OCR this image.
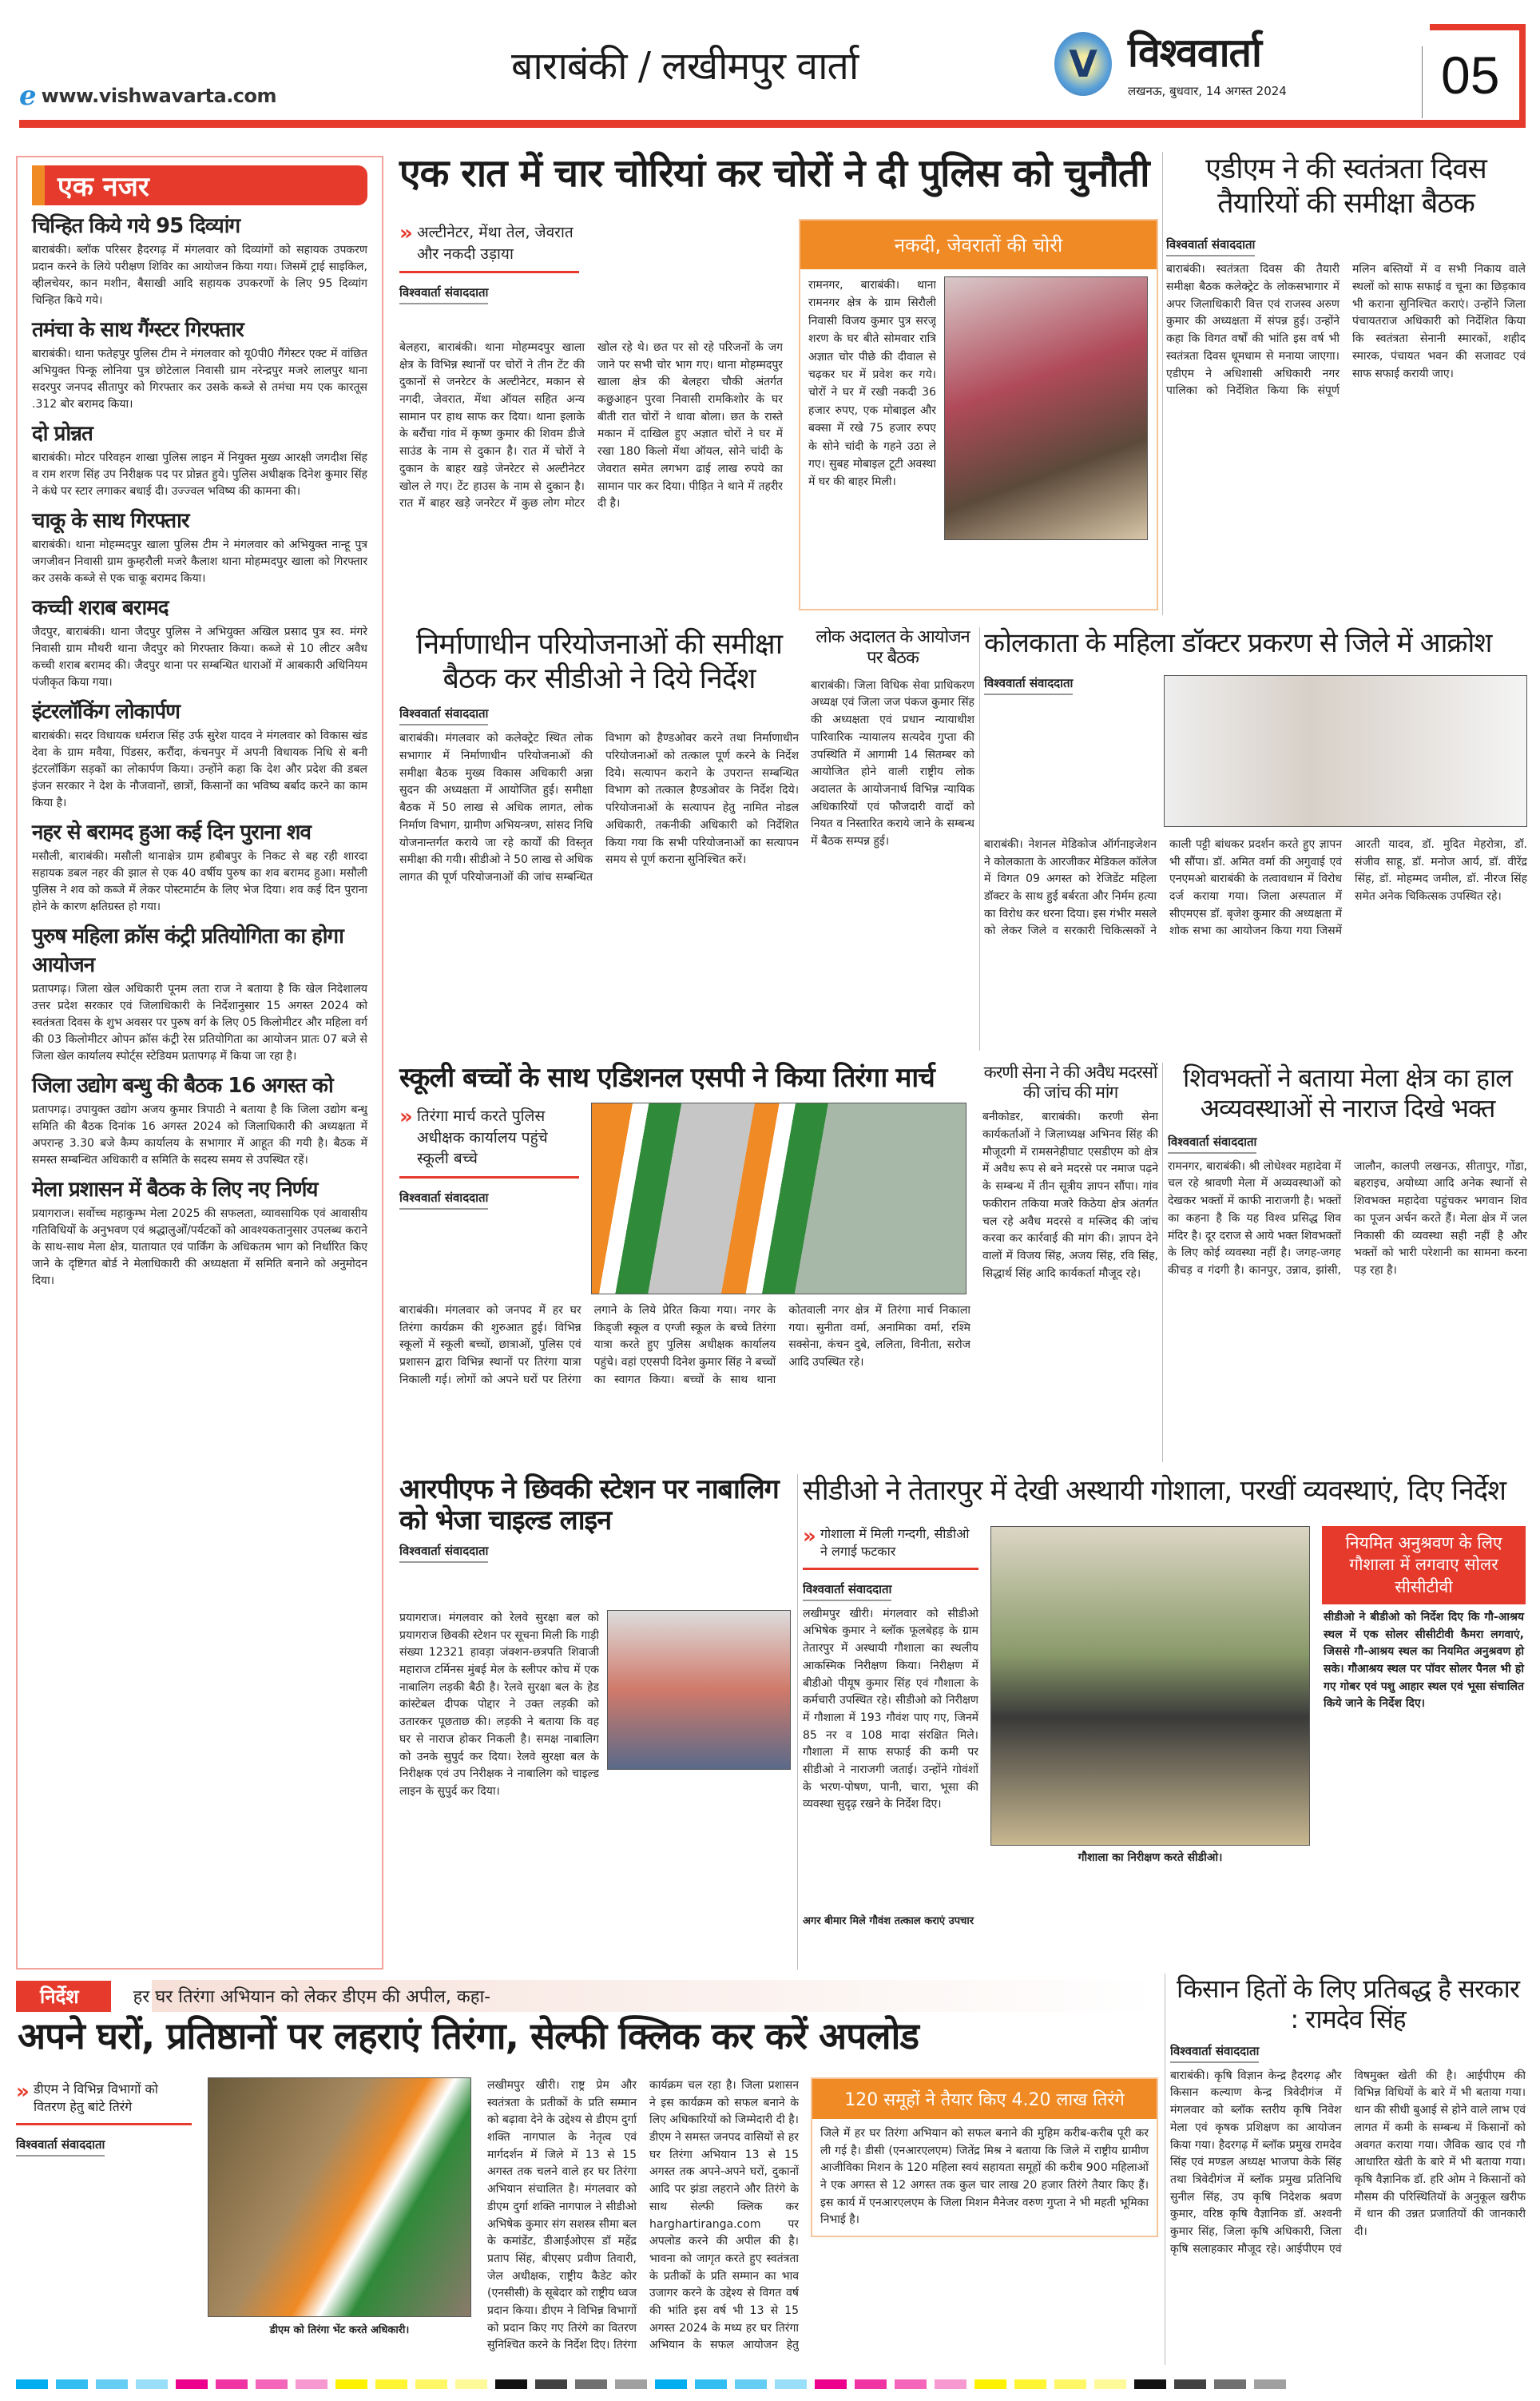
e www.vishwavarta.com
बाराबंकी / लखीमपुर वार्ता	V विश्ववार्ता
लखनऊ, बुधवार, 14 अगस्त 2024	05
एक नजर
चिन्हित किये गये 95 दिव्यांग
बाराबंकी। ब्लॉक परिसर हैदरगढ़ में मंगलवार को दिव्यांगों को सहायक उपकरण प्रदान करने के लिये परीक्षण शिविर का आयोजन किया गया। जिसमें ट्राई साइकिल, व्हीलचेयर, कान मशीन, बैसाखी आदि सहायक उपकरणों के लिए 95 दिव्यांग चिन्हित किये गये।
तमंचा के साथ गैंग्स्टर गिरफ्तार
बाराबंकी। थाना फतेहपुर पुलिस टीम ने मंगलवार को यू0पी0 गैंगेस्टर एक्ट में वांछित अभियुक्त पिन्कू लोनिया पुत्र छोटेलाल निवासी ग्राम नरेन्द्रपुर मजरे लालपुर थाना सदरपुर जनपद सीतापुर को गिरफ्तार कर उसके कब्जे से तमंचा मय एक कारतूस .312 बोर बरामद किया।
दो प्रोन्नत
बाराबंकी। मोटर परिवहन शाखा पुलिस लाइन में नियुक्त मुख्य आरक्षी जगदीश सिंह व राम शरण सिंह उप निरीक्षक पद पर प्रोन्नत हुये। पुलिस अधीक्षक दिनेश कुमार सिंह ने कंधे पर स्टार लगाकर बधाई दी। उज्ज्वल भविष्य की कामना की।
चाकू के साथ गिरफ्तार
बाराबंकी। थाना मोहम्मदपुर खाला पुलिस टीम ने मंगलवार को अभियुक्त नान्हू पुत्र जगजीवन निवासी ग्राम कुम्हरौली मजरे कैलाश थाना मोहम्मदपुर खाला को गिरफ्तार कर उसके कब्जे से एक चाकू बरामद किया।
कच्ची शराब बरामद
जैदपुर, बाराबंकी। थाना जैदपुर पुलिस ने अभियुक्त अखिल प्रसाद पुत्र स्व. मंगरे निवासी ग्राम मौथरी थाना जैदपुर को गिरफ्तार किया। कब्जे से 10 लीटर अवैध कच्ची शराब बरामद की। जैदपुर थाना पर सम्बन्धित धाराओं में आबकारी अधिनियम पंजीकृत किया गया।
इंटरलॉकिंग लोकार्पण
बाराबंकी। सदर विधायक धर्मराज सिंह उर्फ सुरेश यादव ने मंगलवार को विकास खंड देवा के ग्राम मवैया, पिंडसर, करौंदा, कंचनपुर में अपनी विधायक निधि से बनी इंटरलॉकिंग सड़कों का लोकार्पण किया। उन्होंने कहा कि देश और प्रदेश की डबल इंजन सरकार ने देश के नौजवानों, छात्रों, किसानों का भविष्य बर्बाद करने का काम किया है।
नहर से बरामद हुआ कई दिन पुराना शव
मसौली, बाराबंकी। मसौली थानाक्षेत्र ग्राम हबीबपुर के निकट से बह रही शारदा सहायक डबल नहर की झाल से एक 40 वर्षीय पुरुष का शव बरामद हुआ। मसौली पुलिस ने शव को कब्जे में लेकर पोस्टमार्टम के लिए भेज दिया। शव कई दिन पुराना होने के कारण क्षतिग्रस्त हो गया।
पुरुष महिला क्रॉस कंट्री प्रतियोगिता का होगा आयोजन
प्रतापगढ़। जिला खेल अधिकारी पूनम लता राज ने बताया है कि खेल निदेशालय उत्तर प्रदेश सरकार एवं जिलाधिकारी के निर्देशानुसार 15 अगस्त 2024 को स्वतंत्रता दिवस के शुभ अवसर पर पुरुष वर्ग के लिए 05 किलोमीटर और महिला वर्ग की 03 किलोमीटर ओपन क्रॉस कंट्री रेस प्रतियोगिता का आयोजन प्रातः 07 बजे से जिला खेल कार्यालय स्पोर्ट्स स्टेडियम प्रतापगढ़ में किया जा रहा है।
जिला उद्योग बन्धु की बैठक 16 अगस्त को
प्रतापगढ़। उपायुक्त उद्योग अजय कुमार त्रिपाठी ने बताया है कि जिला उद्योग बन्धु समिति की बैठक दिनांक 16 अगस्त 2024 को जिलाधिकारी की अध्यक्षता में अपरान्ह 3.30 बजे कैम्प कार्यालय के सभागार में आहूत की गयी है। बैठक में समस्त सम्बन्धित अधिकारी व समिति के सदस्य समय से उपस्थित रहें।
मेला प्रशासन में बैठक के लिए नए निर्णय
प्रयागराज। सर्वोच्च महाकुम्भ मेला 2025 की सफलता, व्यावसायिक एवं आवासीय गतिविधियों के अनुभवण एवं श्रद्धालुओं/पर्यटकों को आवश्यकतानुसार उपलब्ध कराने के साथ-साथ मेला क्षेत्र, यातायात एवं पार्किंग के अधिकतम भाग को निर्धारित किए जाने के दृष्टिगत बोर्ड ने मेलाधिकारी की अध्यक्षता में समिति बनाने को अनुमोदन दिया।
एक रात में चार चोरियां कर चोरों ने दी पुलिस को चुनौती
» अल्टीनेटर, मेंथा तेल, जेवरात और नकदी उड़ाया
विश्ववार्ता संवाददाता
बेलहरा, बाराबंकी। थाना मोहम्मदपुर खाला क्षेत्र के विभिन्न स्थानों पर चोरों ने तीन टेंट की दुकानों से जनरेटर के अल्टीनेटर, मकान से नगदी, जेवरात, मेंथा ऑयल सहित अन्य सामान पर हाथ साफ कर दिया। थाना इलाके के बरौंचा गांव में कृष्ण कुमार की शिवम डीजे साउंड के नाम से दुकान है। रात में चोरों ने दुकान के बाहर खड़े जेनरेटर से अल्टीनेटर खोल ले गए। टेंट हाउस के नाम से दुकान है। रात में बाहर खड़े जनरेटर में कुछ लोग मोटर खोल रहे थे। छत पर सो रहे परिजनों के जग जाने पर सभी चोर भाग गए। थाना मोहम्मदपुर खाला क्षेत्र की बेलहरा चौकी अंतर्गत कछुआहन पुरवा निवासी रामकिशोर के घर बीती रात चोरों ने धावा बोला। छत के रास्ते मकान में दाखिल हुए अज्ञात चोरों ने घर में रखा 180 किलो मेंथा ऑयल, सोने चांदी के जेवरात समेत लगभग ढाई लाख रुपये का सामान पार कर दिया। पीड़ित ने थाने में तहरीर दी है।
नकदी, जेवरातों की चोरी
रामनगर, बाराबंकी। थाना रामनगर क्षेत्र के ग्राम सिरौली निवासी विजय कुमार पुत्र सरजू शरण के घर बीते सोमवार रात्रि अज्ञात चोर पीछे की दीवाल से चढ़कर घर में प्रवेश कर गये। चोरों ने घर में रखी नकदी 36 हजार रुपए, एक मोबाइल और बक्सा में रखे 75 हजार रुपए के सोने चांदी के गहने उठा ले गए। सुबह मोबाइल टूटी अवस्था में घर की बाहर मिली।
एडीएम ने की स्वतंत्रता दिवस तैयारियों की समीक्षा बैठक
विश्ववार्ता संवाददाता
बाराबंकी। स्वतंत्रता दिवस की तैयारी समीक्षा बैठक कलेक्ट्रेट के लोकसभागार में अपर जिलाधिकारी वित्त एवं राजस्व अरुण कुमार की अध्यक्षता में संपन्न हुई। उन्होंने कहा कि विगत वर्षों की भांति इस वर्ष भी स्वतंत्रता दिवस धूमधाम से मनाया जाएगा। एडीएम ने अधिशासी अधिकारी नगर पालिका को निर्देशित किया कि संपूर्ण मलिन बस्तियों में व सभी निकाय वाले स्थलों को साफ सफाई व चूना का छिड़काव भी कराना सुनिश्चित कराएं। उन्होंने जिला पंचायतराज अधिकारी को निर्देशित किया कि स्वतंत्रता सेनानी स्मारकों, शहीद स्मारक, पंचायत भवन की सजावट एवं साफ सफाई करायी जाए।
निर्माणाधीन परियोजनाओं की समीक्षा बैठक कर सीडीओ ने दिये निर्देश
विश्ववार्ता संवाददाता
बाराबंकी। मंगलवार को कलेक्ट्रेट स्थित लोक सभागार में निर्माणाधीन परियोजनाओं की समीक्षा बैठक मुख्य विकास अधिकारी अन्ना सुदन की अध्यक्षता में आयोजित हुई। समीक्षा बैठक में 50 लाख से अधिक लागत, लोक निर्माण विभाग, ग्रामीण अभियन्त्रण, सांसद निधि योजनान्तर्गत कराये जा रहे कार्यों की विस्तृत समीक्षा की गयी। सीडीओ ने 50 लाख से अधिक लागत की पूर्ण परियोजनाओं की जांच सम्बन्धित विभाग को हैण्डओवर करने तथा निर्माणाधीन परियोजनाओं को तत्काल पूर्ण करने के निर्देश दिये। सत्यापन कराने के उपरान्त सम्बन्धित विभाग को तत्काल हैण्डओवर के निर्देश दिये। परियोजनाओं के सत्यापन हेतु नामित नोडल अधिकारी, तकनीकी अधिकारी को निर्देशित किया गया कि सभी परियोजनाओं का सत्यापन समय से पूर्ण कराना सुनिश्चित करें।
लोक अदालत के आयोजन पर बैठक
बाराबंकी। जिला विधिक सेवा प्राधिकरण अध्यक्ष एवं जिला जज पंकज कुमार सिंह की अध्यक्षता एवं प्रधान न्यायाधीश पारिवारिक न्यायालय सत्यदेव गुप्ता की उपस्थिति में आगामी 14 सितम्बर को आयोजित होने वाली राष्ट्रीय लोक अदालत के आयोजनार्थ विभिन्न न्यायिक अधिकारियों एवं फौजदारी वादों को नियत व निस्तारित कराये जाने के सम्बन्ध में बैठक सम्पन्न हुई।
कोलकाता के महिला डॉक्टर प्रकरण से जिले में आक्रोश
विश्ववार्ता संवाददाता
बाराबंकी। नेशनल मेडिकोज ऑर्गनाइजेशन ने कोलकाता के आरजीकर मेडिकल कॉलेज में विगत 09 अगस्त को रेजिडेंट महिला डॉक्टर के साथ हुई बर्बरता और निर्मम हत्या का विरोध कर धरना दिया। इस गंभीर मसले को लेकर जिले व सरकारी चिकित्सकों ने काली पट्टी बांधकर प्रदर्शन करते हुए ज्ञापन भी सौंपा। डॉ. अमित वर्मा की अगुवाई एवं एनएमओ बाराबंकी के तत्वावधान में विरोध दर्ज कराया गया। जिला अस्पताल में सीएमएस डॉ. बृजेश कुमार की अध्यक्षता में शोक सभा का आयोजन किया गया जिसमें आरती यादव, डॉ. मुदित मेहरोत्रा, डॉ. संजीव साहू, डॉ. मनोज आर्य, डॉ. वीरेंद्र सिंह, डॉ. मोहम्मद जमील, डॉ. नीरज सिंह समेत अनेक चिकित्सक उपस्थित रहे।
स्कूली बच्चों के साथ एडिशनल एसपी ने किया तिरंगा मार्च
» तिरंगा मार्च करते पुलिस अधीक्षक कार्यालय पहुंचे स्कूली बच्चे
विश्ववार्ता संवाददाता
बाराबंकी। मंगलवार को जनपद में हर घर तिरंगा कार्यक्रम की शुरुआत हुई। विभिन्न स्कूलों में स्कूली बच्चों, छात्राओं, पुलिस एवं प्रशासन द्वारा विभिन्न स्थानों पर तिरंगा यात्रा निकाली गई। लोगों को अपने घरों पर तिरंगा लगाने के लिये प्रेरित किया गया। नगर के किड्जी स्कूल व एग्जी स्कूल के बच्चे तिरंगा यात्रा करते हुए पुलिस अधीक्षक कार्यालय पहुंचे। वहां एएसपी दिनेश कुमार सिंह ने बच्चों का स्वागत किया। बच्चों के साथ थाना कोतवाली नगर क्षेत्र में तिरंगा मार्च निकाला गया। सुनीता वर्मा, अनामिका वर्मा, रश्मि सक्सेना, कंचन दुबे, ललिता, विनीता, सरोज आदि उपस्थित रहे।
करणी सेना ने की अवैध मदरसों की जांच की मांग
बनीकोडर, बाराबंकी। करणी सेना कार्यकर्ताओं ने जिलाध्यक्ष अभिनव सिंह की मौजूदगी में रामसनेहीघाट एसडीएम को क्षेत्र में अवैध रूप से बने मदरसे पर नमाज पढ़ने के सम्बन्ध में तीन सूत्रीय ज्ञापन सौंपा। गांव फकीरान तकिया मजरे किठेया क्षेत्र अंतर्गत चल रहे अवैध मदरसे व मस्जिद की जांच करवा कर कार्रवाई की मांग की। ज्ञापन देने वालों में विजय सिंह, अजय सिंह, रवि सिंह, सिद्धार्थ सिंह आदि कार्यकर्ता मौजूद रहे।
शिवभक्तों ने बताया मेला क्षेत्र का हाल अव्यवस्थाओं से नाराज दिखे भक्त
विश्ववार्ता संवाददाता
रामनगर, बाराबंकी। श्री लोधेश्वर महादेवा में चल रहे श्रावणी मेला में अव्यवस्थाओं को देखकर भक्तों में काफी नाराजगी है। भक्तों का कहना है कि यह विश्व प्रसिद्ध शिव मंदिर है। दूर दराज से आये भक्त शिवभक्तों के लिए कोई व्यवस्था नहीं है। जगह-जगह कीचड़ व गंदगी है। कानपुर, उन्नाव, झांसी, जालौन, कालपी लखनऊ, सीतापुर, गोंडा, बहराइच, अयोध्या आदि अनेक स्थानों से शिवभक्त महादेवा पहुंचकर भगवान शिव का पूजन अर्चन करते हैं। मेला क्षेत्र में जल निकासी की व्यवस्था सही नहीं है और भक्तों को भारी परेशानी का सामना करना पड़ रहा है।
आरपीएफ ने छिवकी स्टेशन पर नाबालिग को भेजा चाइल्ड लाइन
विश्ववार्ता संवाददाता
प्रयागराज। मंगलवार को रेलवे सुरक्षा बल को प्रयागराज छिवकी स्टेशन पर सूचना मिली कि गाड़ी संख्या 12321 हावड़ा जंक्शन-छत्रपति शिवाजी महाराज टर्मिनस मुंबई मेल के स्लीपर कोच में एक नाबालिग लड़की बैठी है। रेलवे सुरक्षा बल के हेड कांस्टेबल दीपक पोद्दार ने उक्त लड़की को उतारकर पूछताछ की। लड़की ने बताया कि वह घर से नाराज होकर निकली है। समक्ष नाबालिग को उनके सुपुर्द कर दिया। रेलवे सुरक्षा बल के निरीक्षक एवं उप निरीक्षक ने नाबालिग को चाइल्ड लाइन के सुपुर्द कर दिया।
सीडीओ ने तेतारपुर में देखी अस्थायी गोशाला, परखीं व्यवस्थाएं, दिए निर्देश
» गोशाला में मिली गन्दगी, सीडीओ ने लगाई फटकार
विश्ववार्ता संवाददाता
लखीमपुर खीरी। मंगलवार को सीडीओ अभिषेक कुमार ने ब्लॉक फूलबेहड़ के ग्राम तेतारपुर में अस्थायी गौशाला का स्थलीय आकस्मिक निरीक्षण किया। निरीक्षण में बीडीओ पीयूष कुमार सिंह एवं गौशाला के कर्मचारी उपस्थित रहे। सीडीओ को निरीक्षण में गौशाला में 193 गौवंश पाए गए, जिनमें 85 नर व 108 मादा संरक्षित मिले। गौशाला में साफ सफाई की कमी पर सीडीओ ने नाराजगी जताई। उन्होंने गोवंशों के भरण-पोषण, पानी, चारा, भूसा की व्यवस्था सुदृढ़ रखने के निर्देश दिए।
अगर बीमार मिले गौवंश तत्काल कराएं उपचार
गौशाला का निरीक्षण करते सीडीओ।
नियमित अनुश्रवण के लिए गौशाला में लगवाए सोलर सीसीटीवी
सीडीओ ने बीडीओ को निर्देश दिए कि गौ-आश्रय स्थल में एक सोलर सीसीटीवी कैमरा लगवाएं, जिससे गौ-आश्रय स्थल का नियमित अनुश्रवण हो सके। गौआश्रय स्थल पर पॉवर सोलर पैनल भी हो गए गोबर एवं पशु आहार स्थल एवं भूसा संचालित किये जाने के निर्देश दिए।
निर्देश	हर घर तिरंगा अभियान को लेकर डीएम की अपील, कहा-
अपने घरों, प्रतिष्ठानों पर लहराएं तिरंगा, सेल्फी क्लिक कर करें अपलोड
» डीएम ने विभिन्न विभागों को वितरण हेतु बांटे तिरंगे
विश्ववार्ता संवाददाता
डीएम को तिरंगा भेंट करते अधिकारी।
लखीमपुर खीरी। राष्ट्र प्रेम और स्वतंत्रता के प्रतीकों के प्रति सम्मान को बढ़ावा देने के उद्देश्य से डीएम दुर्गा शक्ति नागपाल के नेतृत्व एवं मार्गदर्शन में जिले में 13 से 15 अगस्त तक चलने वाले हर घर तिरंगा अभियान संचालित है। मंगलवार को डीएम दुर्गा शक्ति नागपाल ने सीडीओ अभिषेक कुमार संग सशस्त्र सीमा बल के कमांडेंट, डीआईओएस डॉ महेंद्र प्रताप सिंह, बीएसए प्रवीण तिवारी, जेल अधीक्षक, राष्ट्रीय कैडेट कोर (एनसीसी) के सूबेदार को राष्ट्रीय ध्वज प्रदान किया। डीएम ने विभिन्न विभागों को प्रदान किए गए तिरंगे का वितरण सुनिश्चित करने के निर्देश दिए। तिरंगा कार्यक्रम चल रहा है। जिला प्रशासन ने इस कार्यक्रम को सफल बनाने के लिए अधिकारियों को जिम्मेदारी दी है। डीएम ने समस्त जनपद वासियों से हर घर तिरंगा अभियान 13 से 15 अगस्त तक अपने-अपने घरों, दुकानों आदि पर झंडा लहराने और तिरंगे के साथ सेल्फी क्लिक कर harghartiranga.com पर अपलोड करने की अपील की है। भावना को जागृत करते हुए स्वतंत्रता के प्रतीकों के प्रति सम्मान का भाव उजागर करने के उद्देश्य से विगत वर्ष की भांति इस वर्ष भी 13 से 15 अगस्त 2024 के मध्य हर घर तिरंगा अभियान के सफल आयोजन हेतु
120 समूहों ने तैयार किए 4.20 लाख तिरंगे
जिले में हर घर तिरंगा अभियान को सफल बनाने की मुहिम करीब-करीब पूरी कर ली गई है। डीसी (एनआरएलएम) जितेंद्र मिश्र ने बताया कि जिले में राष्ट्रीय ग्रामीण आजीविका मिशन के 120 महिला स्वयं सहायता समूहों की करीब 900 महिलाओं ने एक अगस्त से 12 अगस्त तक कुल चार लाख 20 हजार तिरंगे तैयार किए हैं। इस कार्य में एनआरएलएम के जिला मिशन मैनेजर वरुण गुप्ता ने भी महती भूमिका निभाई है।
किसान हितों के लिए प्रतिबद्ध है सरकार : रामदेव सिंह
विश्ववार्ता संवाददाता
बाराबंकी। कृषि विज्ञान केन्द्र हैदरगढ़ और किसान कल्याण केन्द्र त्रिवेदीगंज में मंगलवार को ब्लॉक स्तरीय कृषि निवेश मेला एवं कृषक प्रशिक्षण का आयोजन किया गया। हैदरगढ़ में ब्लॉक प्रमुख रामदेव सिंह एवं मण्डल अध्यक्ष भाजपा केके सिंह तथा त्रिवेदीगंज में ब्लॉक प्रमुख प्रतिनिधि सुनील सिंह, उप कृषि निदेशक श्रवण कुमार, वरिष्ठ कृषि वैज्ञानिक डॉ. अश्वनी कुमार सिंह, जिला कृषि अधिकारी, जिला कृषि सलाहकार मौजूद रहे। आईपीएम एवं विषमुक्त खेती की है। आईपीएम की विभिन्न विधियों के बारे में भी बताया गया। धान की सीधी बुआई से होने वाले लाभ एवं लागत में कमी के सम्बन्ध में किसानों को अवगत कराया गया। जैविक खाद एवं गौ आधारित खेती के बारे में भी बताया गया। कृषि वैज्ञानिक डॉ. हरि ओम ने किसानों को मौसम की परिस्थितियों के अनुकूल खरीफ में धान की उन्नत प्रजातियों की जानकारी दी।
